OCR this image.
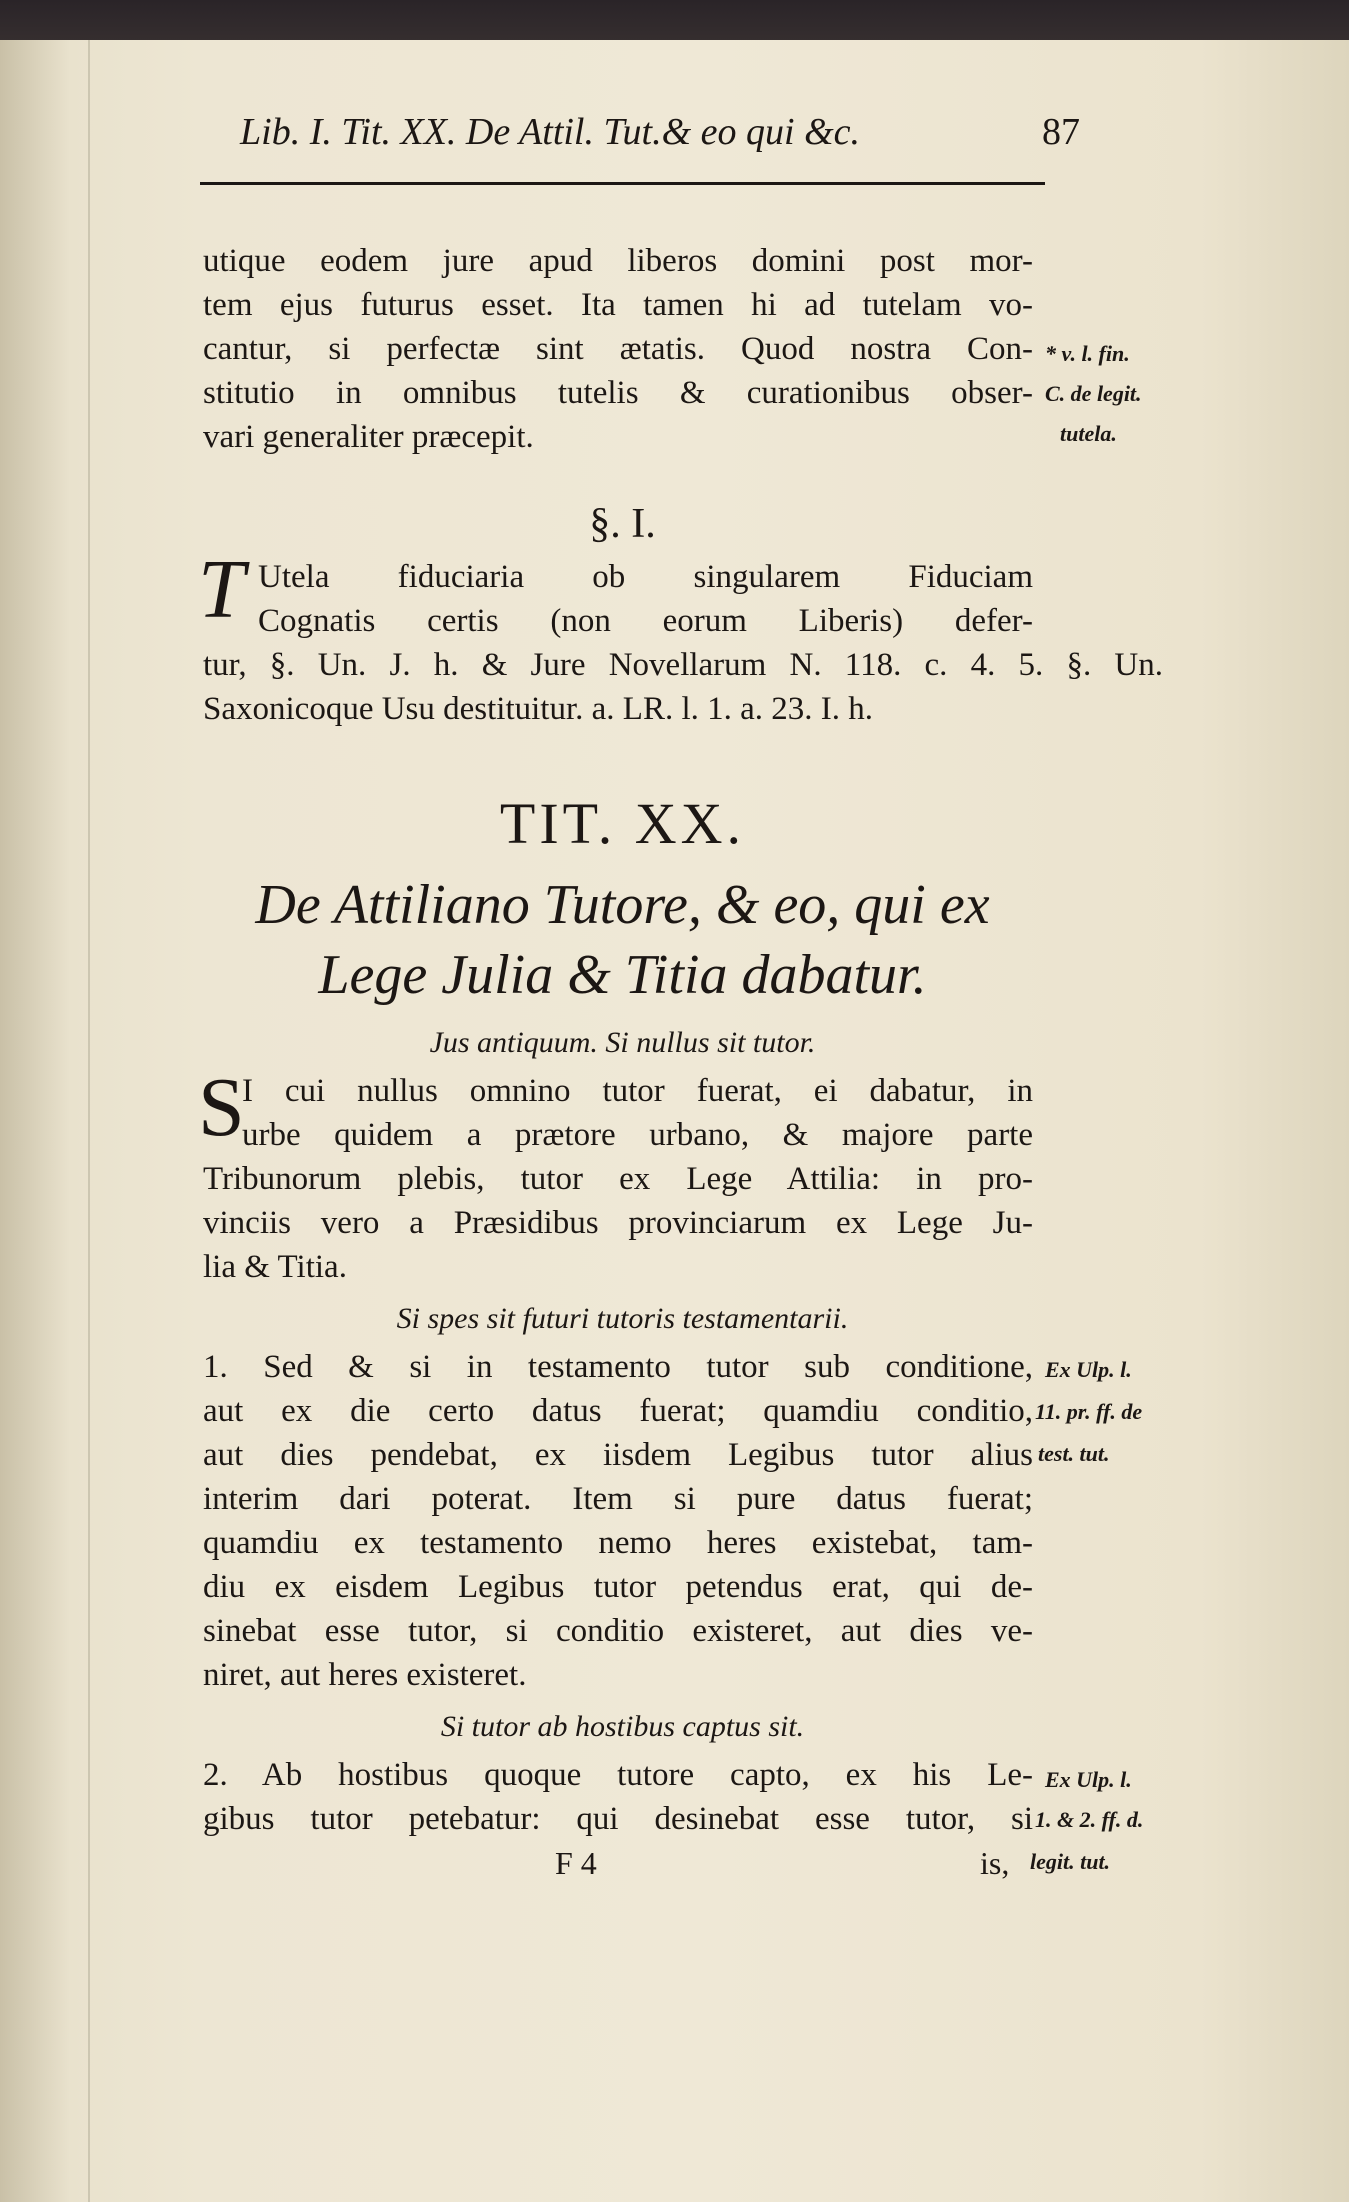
Lib. I. Tit. XX. De Attil. Tut.& eo qui &c.	87
utique eodem jure apud liberos domini post mor-
tem ejus futurus esset. Ita tamen hi ad tutelam vo-
cantur, si perfectæ sint ætatis. Quod nostra Con-
stitutio in omnibus tutelis & curationibus obser-
vari generaliter præcepit.
* v. l. fin.
C. de legit.
tutela.
§. I.
T Utela fiduciaria ob singularem Fiduciam
Cognatis certis (non eorum Liberis) defer-
tur, §. Un. J. h. & Jure Novellarum N. 118. c. 4. 5. §. Un.
Saxonicoque Usu destituitur. a. LR. l. 1. a. 23. I. h.
TIT. XX.
De Attiliano Tutore, & eo, qui ex
Lege Julia & Titia dabatur.
Jus antiquum. Si nullus sit tutor.
S
I cui nullus omnino tutor fuerat, ei dabatur, in
urbe quidem a prætore urbano, & majore parte
Tribunorum plebis, tutor ex Lege Attilia: in pro-
vinciis vero a Præsidibus provinciarum ex Lege Ju-
lia & Titia.
Si spes sit futuri tutoris testamentarii.
1. Sed & si in testamento tutor sub conditione,
aut ex die certo datus fuerat; quamdiu conditio,
aut dies pendebat, ex iisdem Legibus tutor alius
interim dari poterat. Item si pure datus fuerat;
quamdiu ex testamento nemo heres existebat, tam-
diu ex eisdem Legibus tutor petendus erat, qui de-
sinebat esse tutor, si conditio existeret, aut dies ve-
niret, aut heres existeret.
Ex Ulp. l.
11. pr. ff. de
test. tut.
Si tutor ab hostibus captus sit.
2. Ab hostibus quoque tutore capto, ex his Le-
gibus tutor petebatur: qui desinebat esse tutor, si
Ex Ulp. l.
1. & 2. ff. d.
legit. tut.
F 4	is,
